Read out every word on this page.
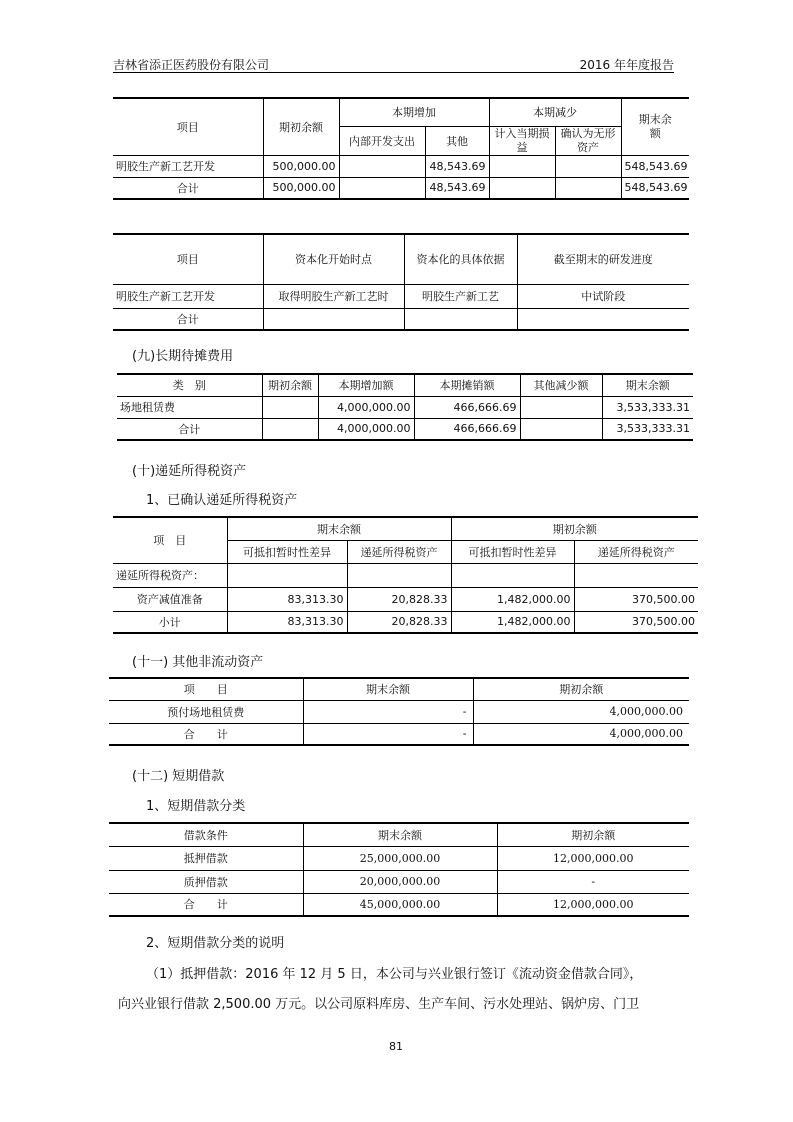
吉林省添正医药股份有限公司	2016 年年度报告
项目	期初余额	本期增加		本期减少		期末余额
		内部开发支出	其他	计入当期损益	确认为无形资产	
明胶生产新工艺开发	500,000.00		48,543.69			548,543.69
合计	500,000.00		48,543.69			548,543.69
项目	资本化开始时点	资本化的具体依据	截至期末的研发进度
明胶生产新工艺开发	取得明胶生产新工艺时	明胶生产新工艺	中试阶段
合计			
(九)长期待摊费用
类　别	期初余额	本期增加额	本期摊销额	其他减少额	期末余额
场地租赁费		4,000,000.00	466,666.69		3,533,333.31
合计		4,000,000.00	466,666.69		3,533,333.31
(十)递延所得税资产
1、已确认递延所得税资产
项　目	期末余额		期初余额	
	可抵扣暂时性差异	递延所得税资产	可抵扣暂时性差异	递延所得税资产
递延所得税资产：				
资产减值准备	83,313.30	20,828.33	1,482,000.00	370,500.00
小计	83,313.30	20,828.33	1,482,000.00	370,500.00
(十一) 其他非流动资产
项　　目	期末余额	期初余额
预付场地租赁费	-	4,000,000.00
合　　计	-	4,000,000.00
(十二) 短期借款
1、短期借款分类
借款条件	期末余额	期初余额
抵押借款	25,000,000.00	12,000,000.00
质押借款	20,000,000.00	-
合　　计	45,000,000.00	12,000,000.00
2、短期借款分类的说明
（1）抵押借款：2016 年 12 月 5 日，本公司与兴业银行签订《流动资金借款合同》，
向兴业银行借款 2,500.00 万元。以公司原料库房、生产车间、污水处理站、锅炉房、门卫
81
